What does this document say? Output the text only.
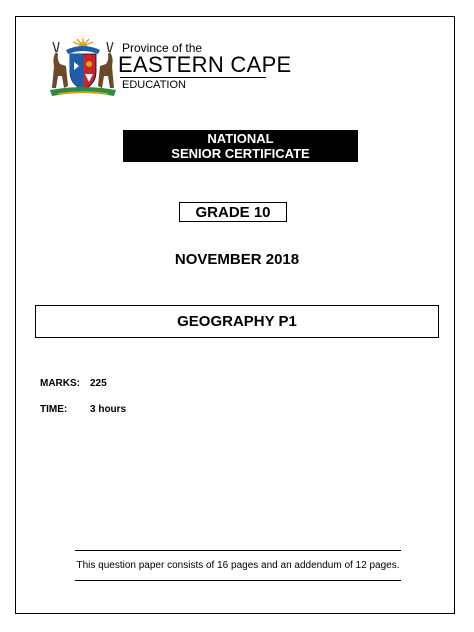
Province of the
EASTERN CAPE
EDUCATION
NATIONAL
SENIOR CERTIFICATE
GRADE 10
NOVEMBER 2018
GEOGRAPHY P1
MARKS: 225
TIME: 3 hours
This question paper consists of 16 pages and an addendum of 12 pages.
